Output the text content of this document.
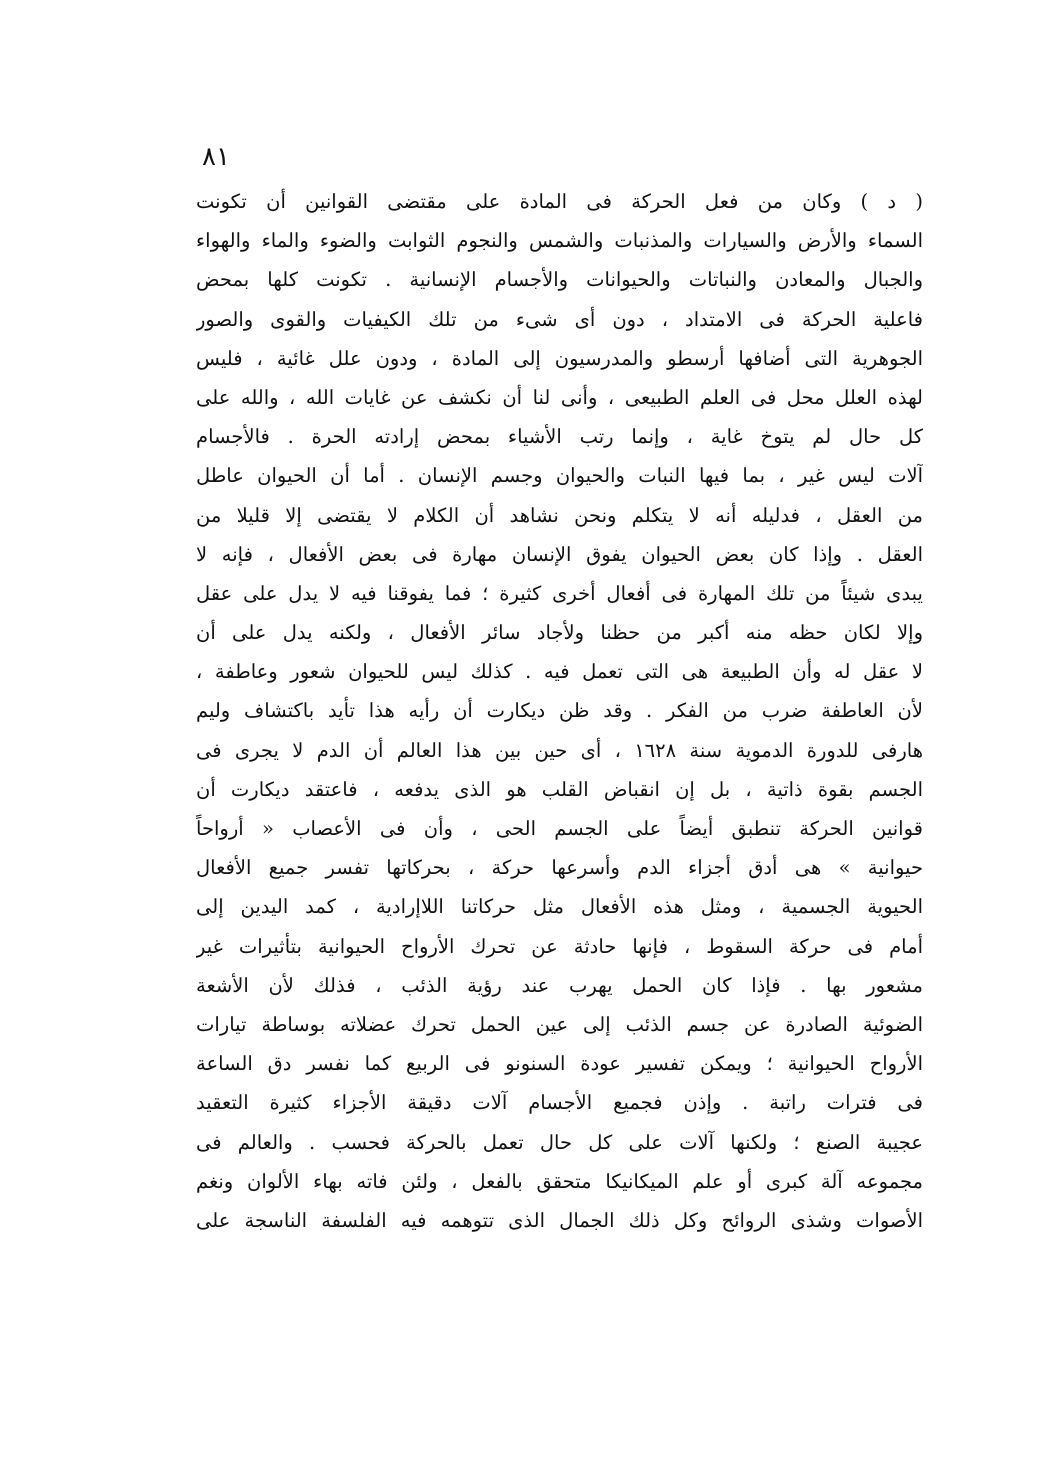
٨١
( د ) وكان من فعل الحركة فى المادة على مقتضى القوانين أن تكونت
السماء والأرض والسيارات والمذنبات والشمس والنجوم الثوابت والضوء والماء والهواء
والجبال والمعادن والنباتات والحيوانات والأجسام الإنسانية . تكونت كلها بمحض
فاعلية الحركة فى الامتداد ، دون أى شىء من تلك الكيفيات والقوى والصور
الجوهرية التى أضافها أرسطو والمدرسيون إلى المادة ، ودون علل غائية ، فليس
لهذه العلل محل فى العلم الطبيعى ، وأنى لنا أن نكشف عن غايات الله ، والله على
كل حال لم يتوخ غاية ، وإنما رتب الأشياء بمحض إرادته الحرة . فالأجسام
آلات ليس غير ، بما فيها النبات والحيوان وجسم الإنسان . أما أن الحيوان عاطل
من العقل ، فدليله أنه لا يتكلم ونحن نشاهد أن الكلام لا يقتضى إلا قليلا من
العقل . وإذا كان بعض الحيوان يفوق الإنسان مهارة فى بعض الأفعال ، فإنه لا
يبدى شيئاً من تلك المهارة فى أفعال أخرى كثيرة ؛ فما يفوقنا فيه لا يدل على عقل
وإلا لكان حظه منه أكبر من حظنا ولأجاد سائر الأفعال ، ولكنه يدل على أن
لا عقل له وأن الطبيعة هى التى تعمل فيه . كذلك ليس للحيوان شعور وعاطفة ،
لأن العاطفة ضرب من الفكر . وقد ظن ديكارت أن رأيه هذا تأيد باكتشاف وليم
هارفى للدورة الدموية سنة ١٦٢٨ ، أى حين بين هذا العالم أن الدم لا يجرى فى
الجسم بقوة ذاتية ، بل إن انقباض القلب هو الذى يدفعه ، فاعتقد ديكارت أن
قوانين الحركة تنطبق أيضاً على الجسم الحى ، وأن فى الأعصاب « أرواحاً
حيوانية » هى أدق أجزاء الدم وأسرعها حركة ، بحركاتها تفسر جميع الأفعال
الحيوية الجسمية ، ومثل هذه الأفعال مثل حركاتنا اللاإرادية ، كمد اليدين إلى
أمام فى حركة السقوط ، فإنها حادثة عن تحرك الأرواح الحيوانية بتأثيرات غير
مشعور بها . فإذا كان الحمل يهرب عند رؤية الذئب ، فذلك لأن الأشعة
الضوئية الصادرة عن جسم الذئب إلى عين الحمل تحرك عضلاته بوساطة تيارات
الأرواح الحيوانية ؛ ويمكن تفسير عودة السنونو فى الربيع كما نفسر دق الساعة
فى فترات راتبة . وإذن فجميع الأجسام آلات دقيقة الأجزاء كثيرة التعقيد
عجيبة الصنع ؛ ولكنها آلات على كل حال تعمل بالحركة فحسب . والعالم فى
مجموعه آلة كبرى أو علم الميكانيكا متحقق بالفعل ، ولئن فاته بهاء الألوان ونغم
الأصوات وشذى الروائح وكل ذلك الجمال الذى تتوهمه فيه الفلسفة الناسجة على
